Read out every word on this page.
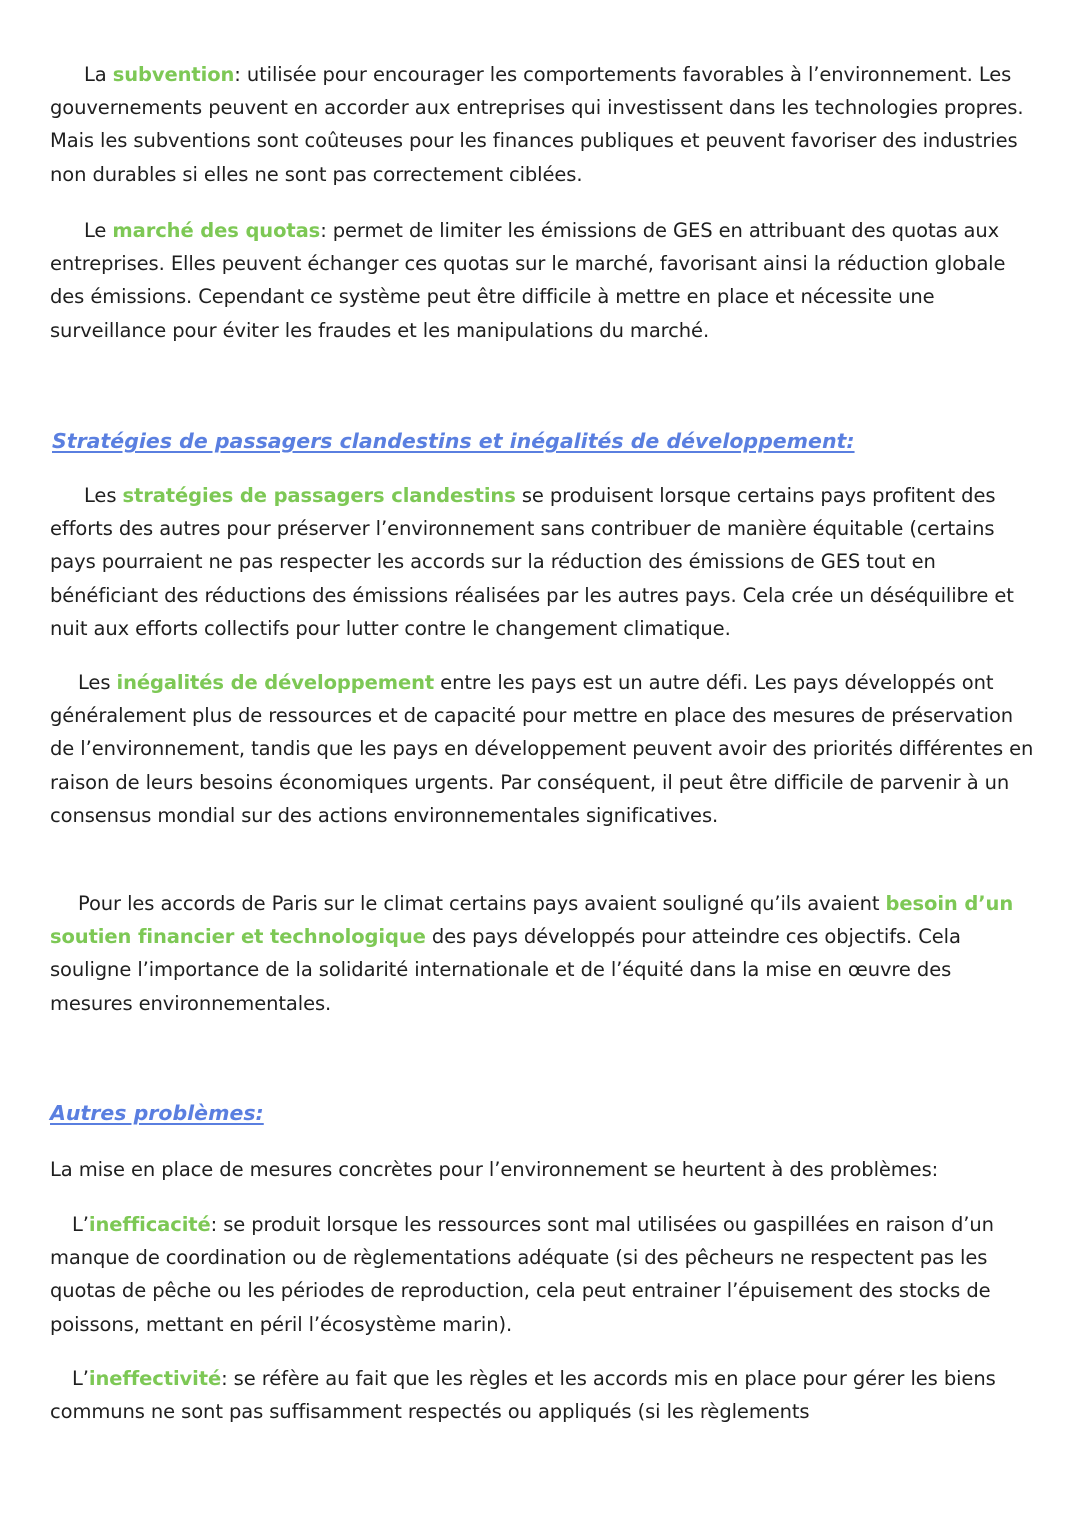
La subvention: utilisée pour encourager les comportements favorables à l’environnement. Les gouvernements peuvent en accorder aux entreprises qui investissent dans les technologies propres. Mais les subventions sont coûteuses pour les finances publiques et peuvent favoriser des industries non durables si elles ne sont pas correctement ciblées.

Le marché des quotas: permet de limiter les émissions de GES en attribuant des quotas aux entreprises. Elles peuvent échanger ces quotas sur le marché, favorisant ainsi la réduction globale des émissions. Cependant ce système peut être difficile à mettre en place et nécessite une surveillance pour éviter les fraudes et les manipulations du marché.

Stratégies de passagers clandestins et inégalités de développement:

Les stratégies de passagers clandestins se produisent lorsque certains pays profitent des efforts des autres pour préserver l’environnement sans contribuer de manière équitable (certains pays pourraient ne pas respecter les accords sur la réduction des émissions de GES tout en bénéficiant des réductions des émissions réalisées par les autres pays. Cela crée un déséquilibre et nuit aux efforts collectifs pour lutter contre le changement climatique.

Les inégalités de développement entre les pays est un autre défi. Les pays développés ont généralement plus de ressources et de capacité pour mettre en place des mesures de préservation de l’environnement, tandis que les pays en développement peuvent avoir des priorités différentes en raison de leurs besoins économiques urgents. Par conséquent, il peut être difficile de parvenir à un consensus mondial sur des actions environnementales significatives.

Pour les accords de Paris sur le climat certains pays avaient souligné qu’ils avaient besoin d’un soutien financier et technologique des pays développés pour atteindre ces objectifs. Cela souligne l’importance de la solidarité internationale et de l’équité dans la mise en œuvre des mesures environnementales.

Autres problèmes:

La mise en place de mesures concrètes pour l’environnement se heurtent à des problèmes:

L’inefficacité: se produit lorsque les ressources sont mal utilisées ou gaspillées en raison d’un manque de coordination ou de règlementations adéquate (si des pêcheurs ne respectent pas les quotas de pêche ou les périodes de reproduction, cela peut entrainer l’épuisement des stocks de poissons, mettant en péril l’écosystème marin).

L’ineffectivité: se réfère au fait que les règles et les accords mis en place pour gérer les biens communs ne sont pas suffisamment respectés ou appliqués (si les règlements
